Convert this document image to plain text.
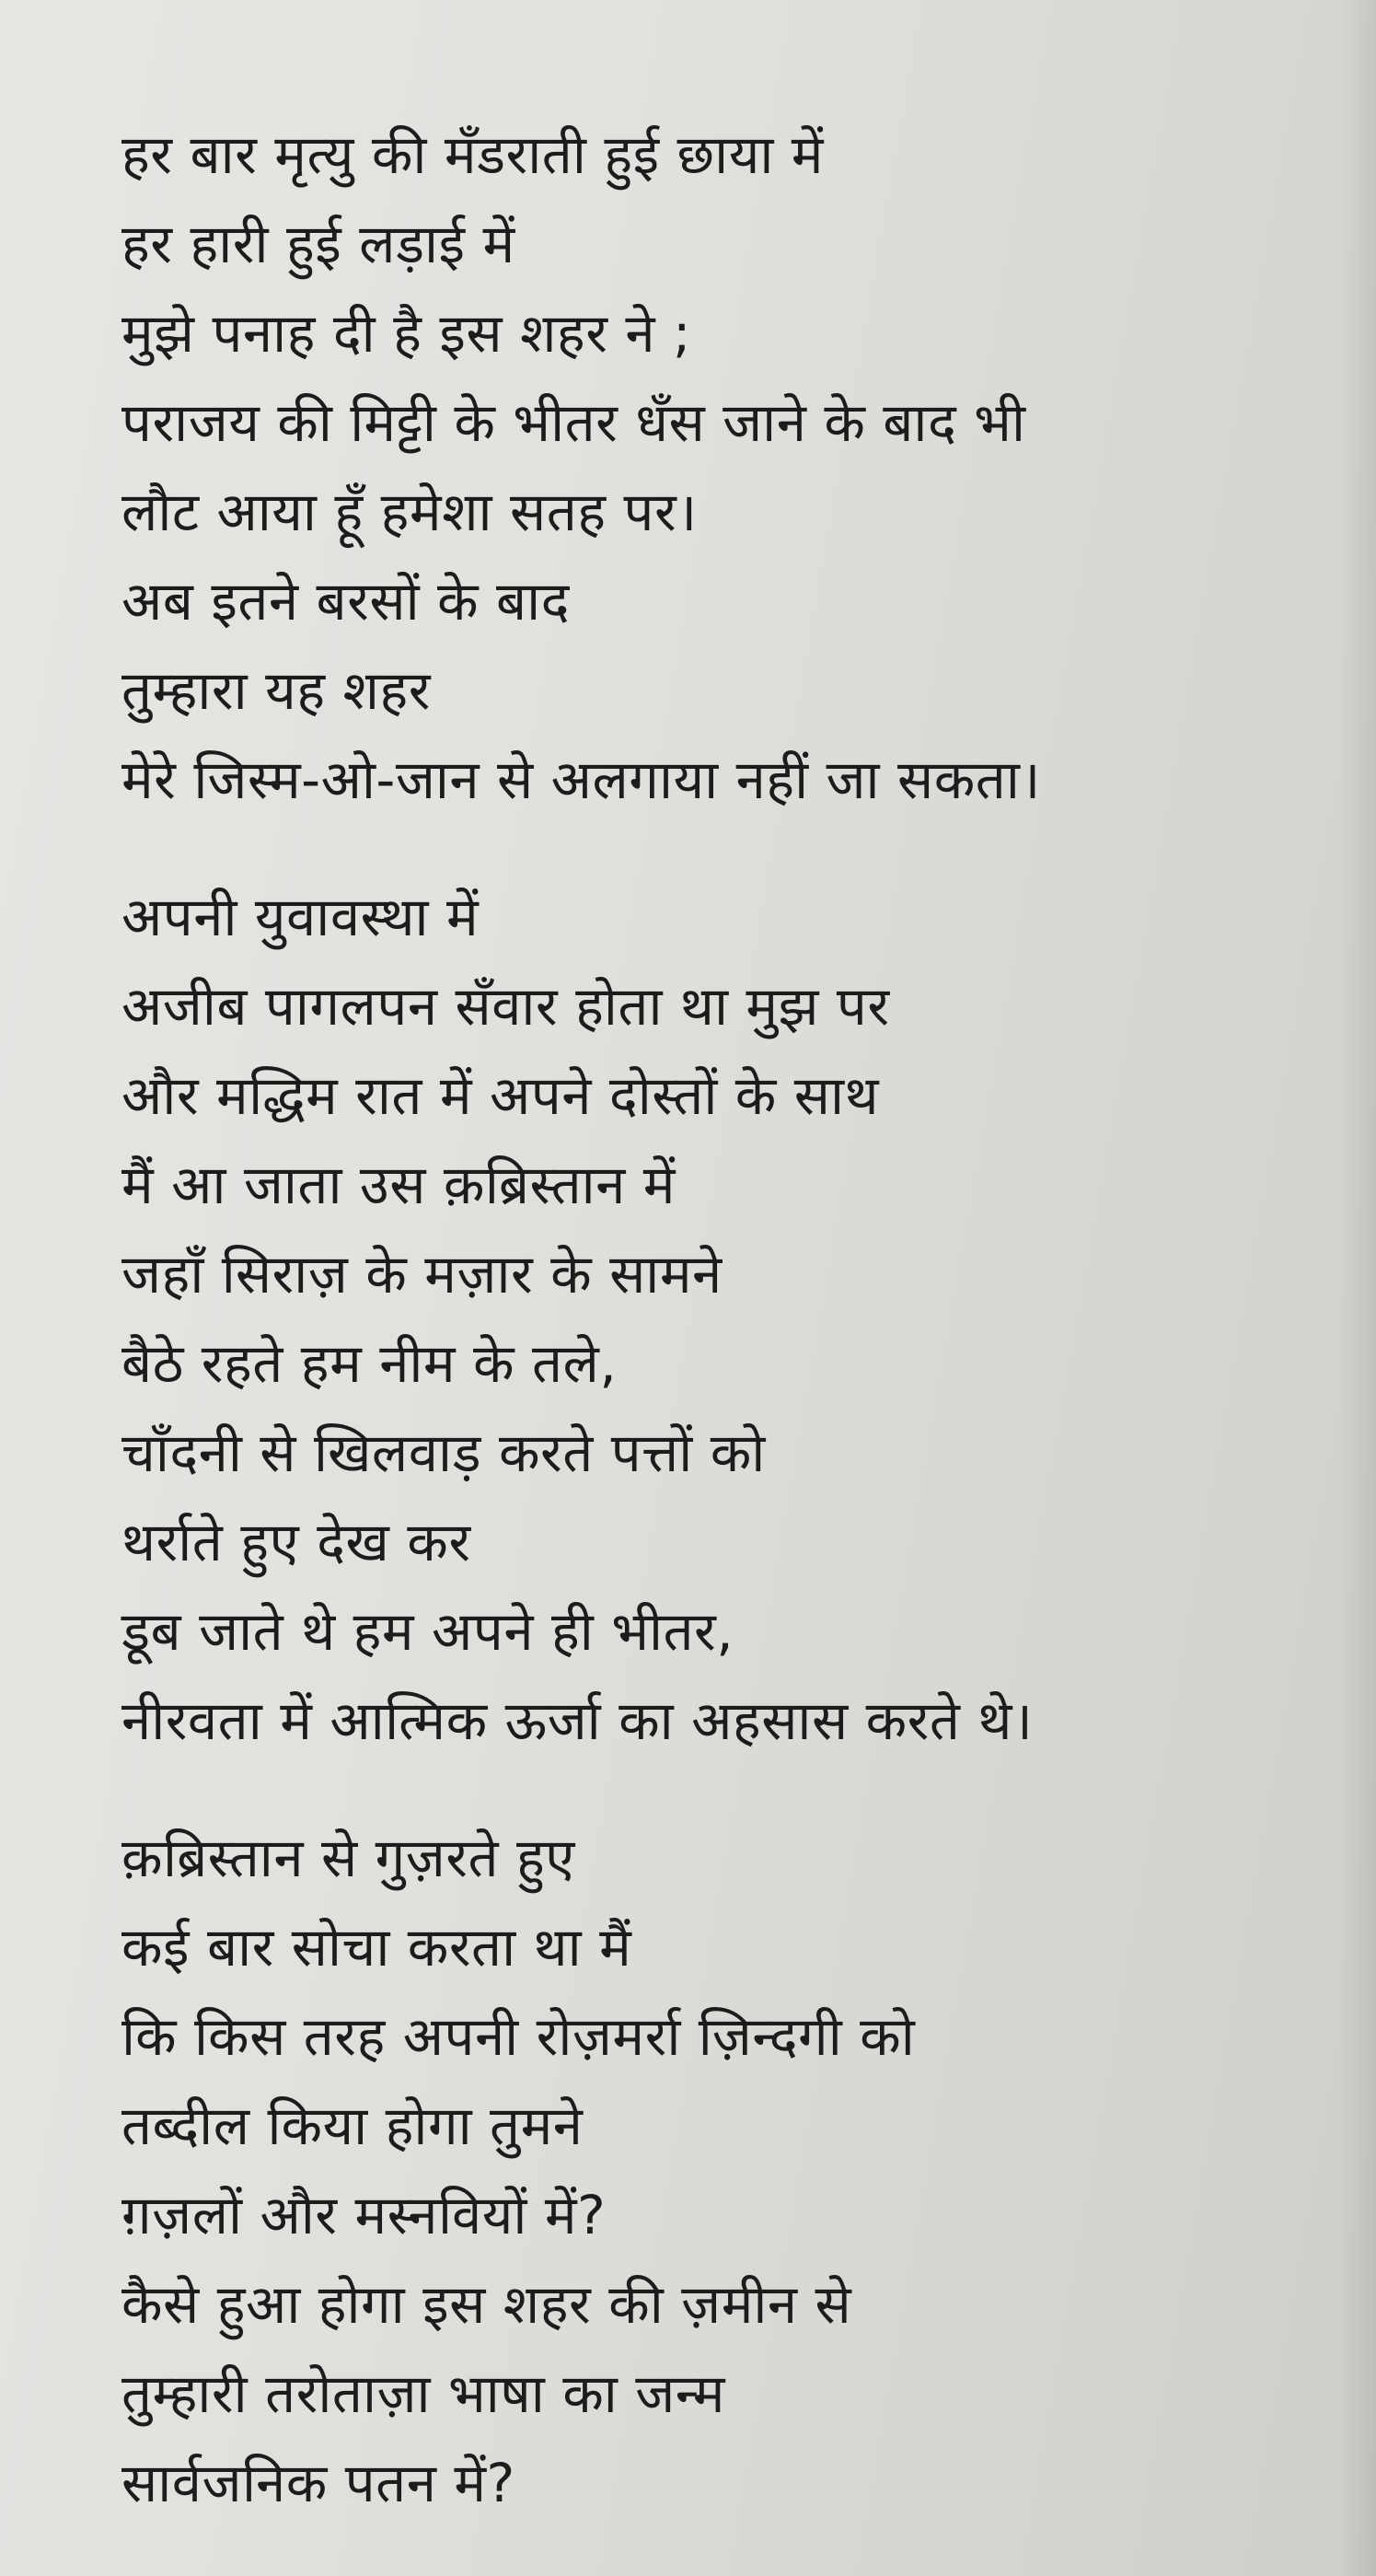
हर बार मृत्यु की मँडराती हुई छाया में
हर हारी हुई लड़ाई में
मुझे पनाह दी है इस शहर ने ;
पराजय की मिट्टी के भीतर धँस जाने के बाद भी
लौट आया हूँ हमेशा सतह पर।
अब इतने बरसों के बाद
तुम्हारा यह शहर
मेरे जिस्म-ओ-जान से अलगाया नहीं जा सकता।
अपनी युवावस्था में
अजीब पागलपन सँवार होता था मुझ पर
और मद्धिम रात में अपने दोस्तों के साथ
मैं आ जाता उस क़ब्रिस्तान में
जहाँ सिराज़ के मज़ार के सामने
बैठे रहते हम नीम के तले,
चाँदनी से खिलवाड़ करते पत्तों को
थर्राते हुए देख कर
डूब जाते थे हम अपने ही भीतर,
नीरवता में आत्मिक ऊर्जा का अहसास करते थे।
क़ब्रिस्तान से गुज़रते हुए
कई बार सोचा करता था मैं
कि किस तरह अपनी रोज़मर्रा ज़िन्दगी को
तब्दील किया होगा तुमने
ग़ज़लों और मस्नवियों में?
कैसे हुआ होगा इस शहर की ज़मीन से
तुम्हारी तरोताज़ा भाषा का जन्म
सार्वजनिक पतन में?
